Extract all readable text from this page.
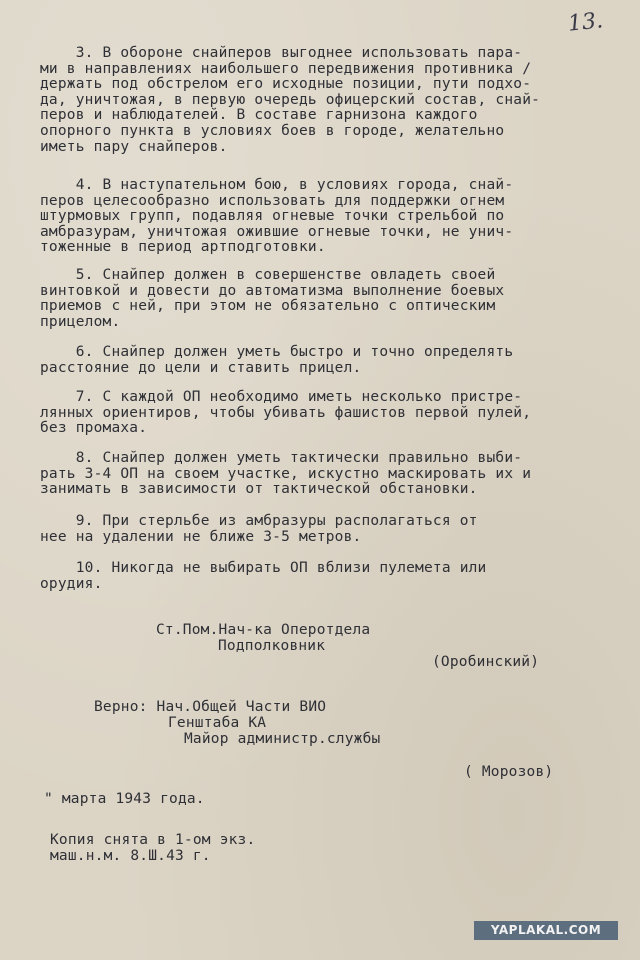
13.
3. В обороне снайперов выгоднее использовать пара-
ми в направлениях наибольшего передвижения противника /
держать под обстрелом его исходные позиции, пути подхо-
да, уничтожая, в первую очередь офицерский состав, снай-
перов и наблюдателей. В составе гарнизона каждого
опорного пункта в условиях боев в городе, желательно
иметь пару снайперов.
4. В наступательном бою, в условиях города, снай-
перов целесообразно использовать для поддержки огнем
штурмовых групп, подавляя огневые точки стрельбой по
амбразурам, уничтожая ожившие огневые точки, не унич-
тоженные в период артподготовки.
5. Снайпер должен в совершенстве овладеть своей
винтовкой и довести до автоматизма выполнение боевых
приемов с ней, при этом не обязательно с оптическим
прицелом.
6. Снайпер должен уметь быстро и точно определять
расстояние до цели и ставить прицел.
7. С каждой ОП необходимо иметь несколько пристре-
лянных ориентиров, чтобы убивать фашистов первой пулей,
без промаха.
8. Снайпер должен уметь тактически правильно выби-
рать 3-4 ОП на своем участке, искустно маскировать их и
занимать в зависимости от тактической обстановки.
9. При стерльбе из амбразуры располагаться от
нее на удалении не ближе 3-5 метров.
10. Никогда не выбирать ОП вблизи пулемета или
орудия.
Ст.Пом.Нач-ка Оперотдела
Подполковник
(Оробинский)
Верно: Нач.Общей Части ВИО
Генштаба КА
Майор администр.службы
( Морозов)
" марта 1943 года.
Копия снята в 1-ом экз.
маш.н.м. 8.Ш.43 г.
YAPLAKAL.COM
